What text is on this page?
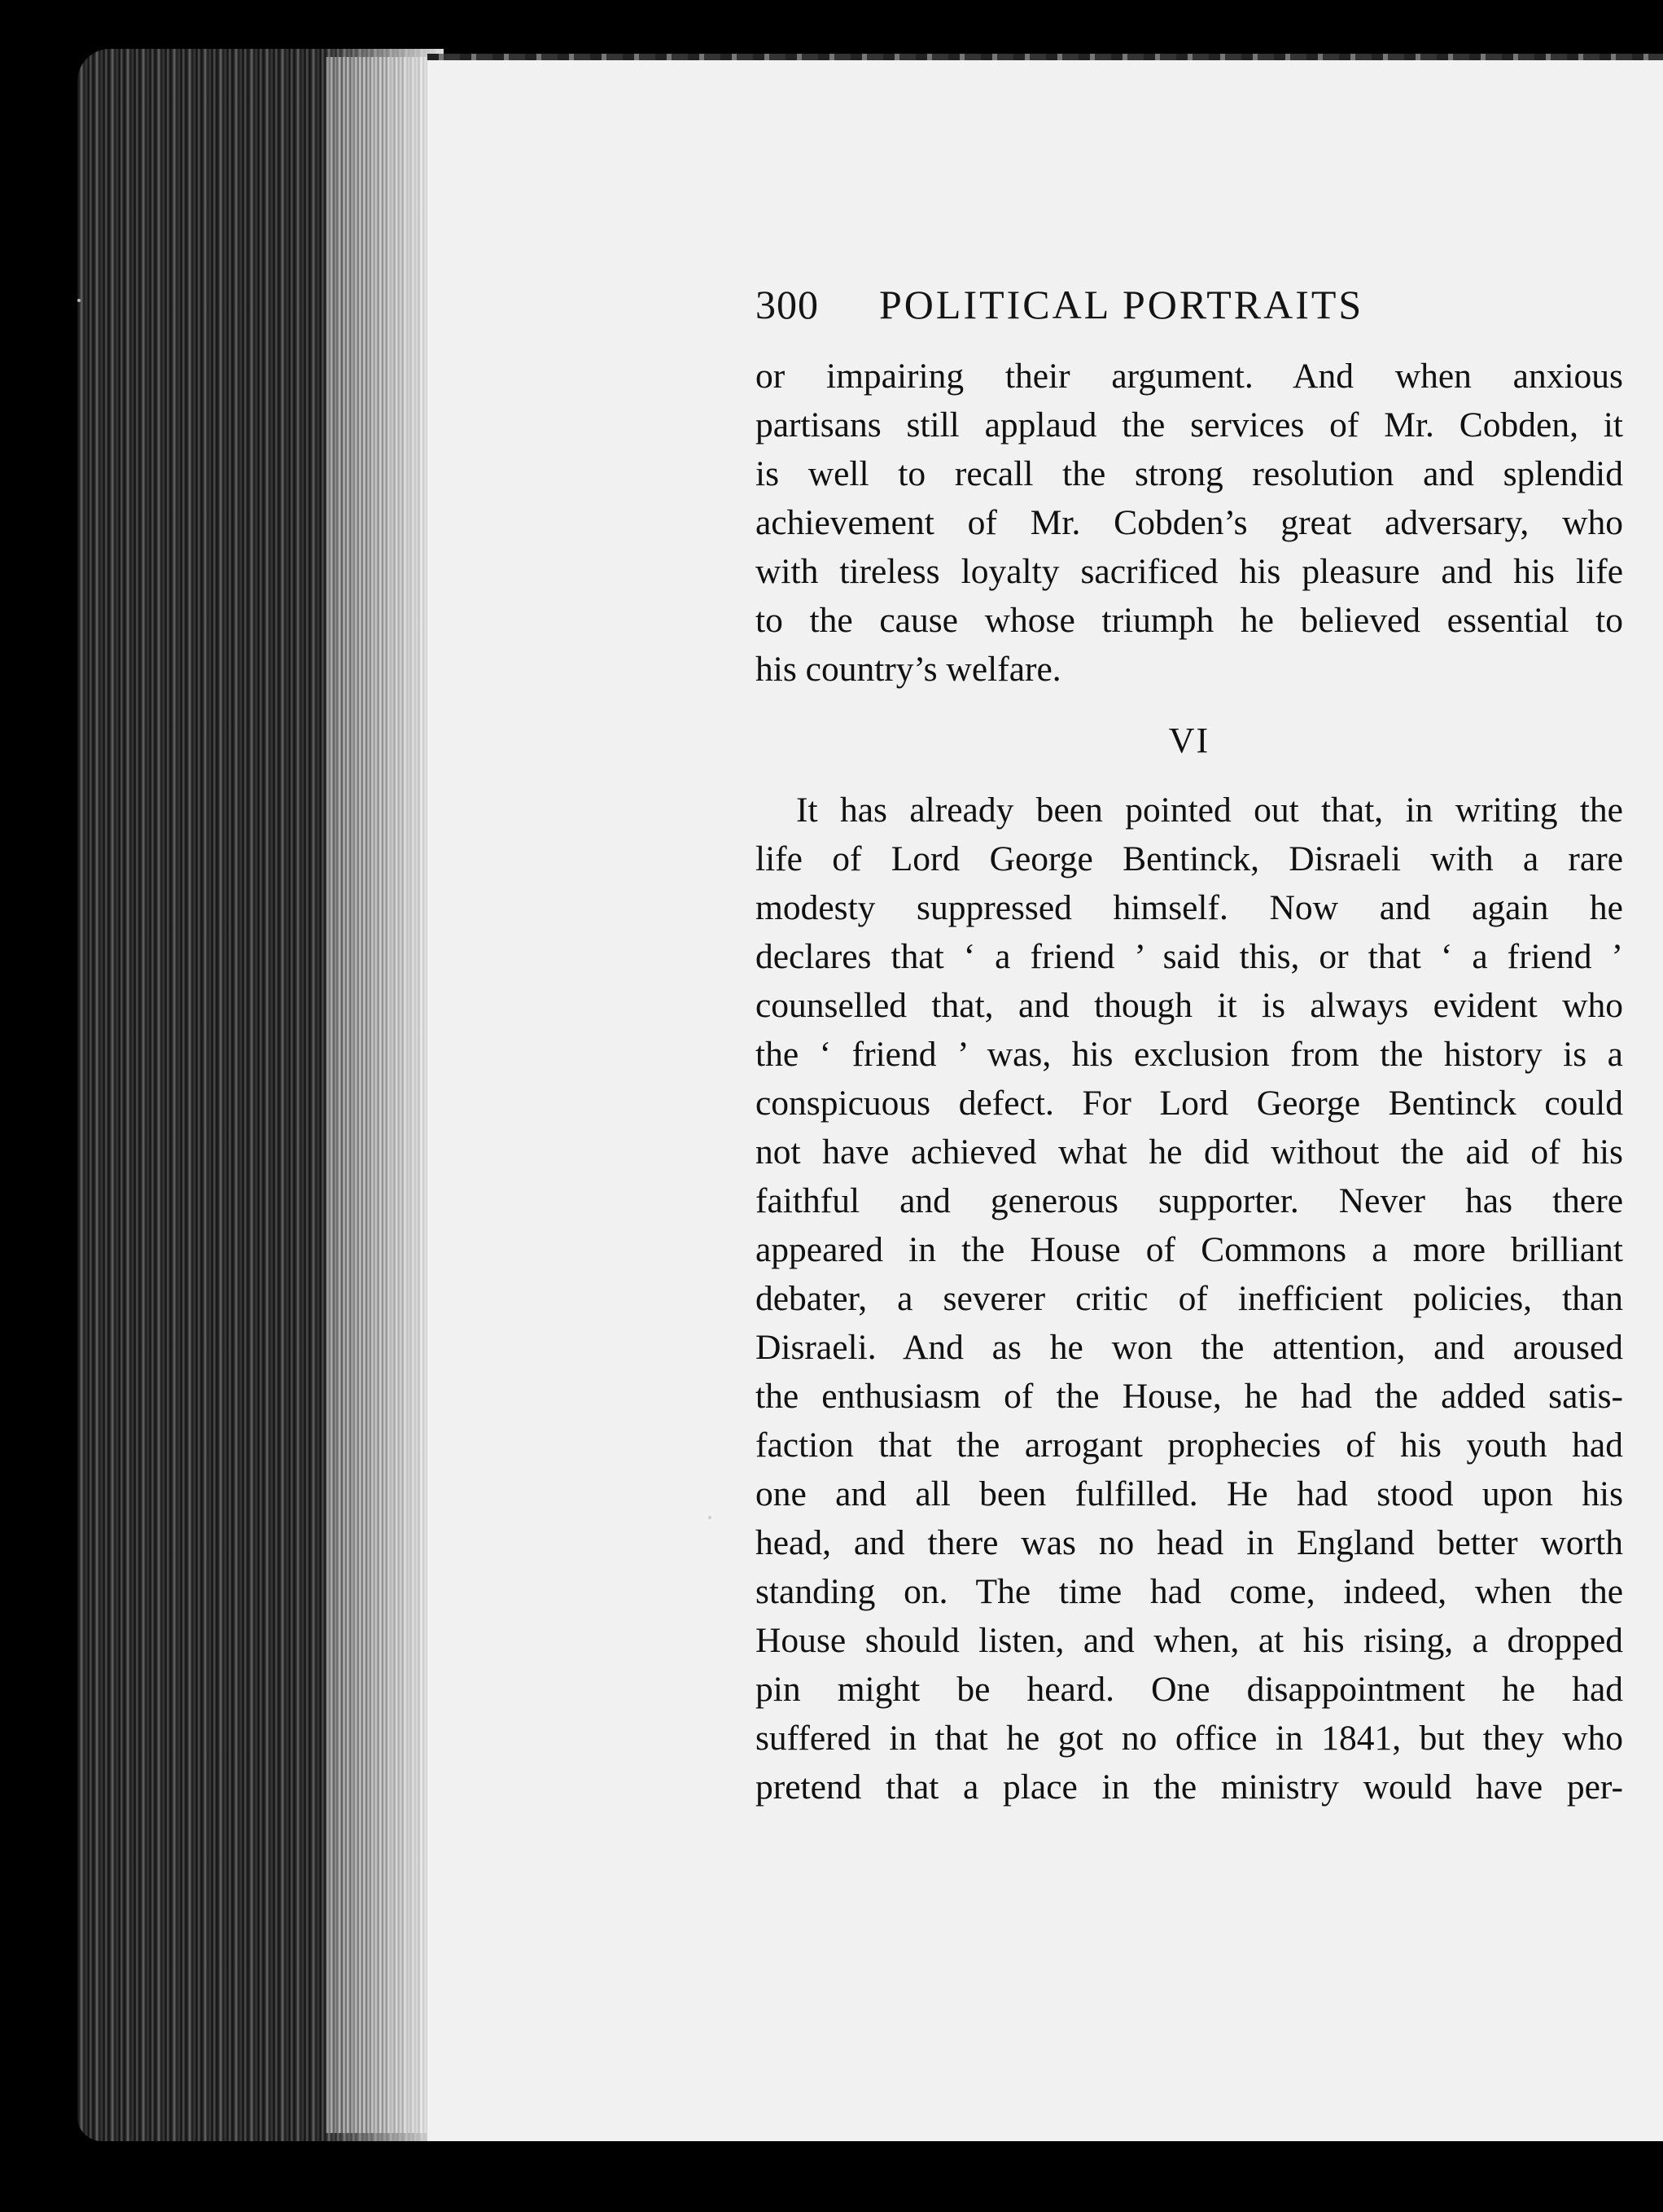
300 POLITICAL PORTRAITS
or impairing their argument. And when anxious
partisans still applaud the services of Mr. Cobden, it
is well to recall the strong resolution and splendid
achievement of Mr. Cobden’s great adversary, who
with tireless loyalty sacrificed his pleasure and his life
to the cause whose triumph he believed essential to
his country’s welfare.
VI
It has already been pointed out that, in writing the
life of Lord George Bentinck, Disraeli with a rare
modesty suppressed himself. Now and again he
declares that ‘ a friend ’ said this, or that ‘ a friend ’
counselled that, and though it is always evident who
the ‘ friend ’ was, his exclusion from the history is a
conspicuous defect. For Lord George Bentinck could
not have achieved what he did without the aid of his
faithful and generous supporter. Never has there
appeared in the House of Commons a more brilliant
debater, a severer critic of inefficient policies, than
Disraeli. And as he won the attention, and aroused
the enthusiasm of the House, he had the added satis-
faction that the arrogant prophecies of his youth had
one and all been fulfilled. He had stood upon his
head, and there was no head in England better worth
standing on. The time had come, indeed, when the
House should listen, and when, at his rising, a dropped
pin might be heard. One disappointment he had
suffered in that he got no office in 1841, but they who
pretend that a place in the ministry would have per-
